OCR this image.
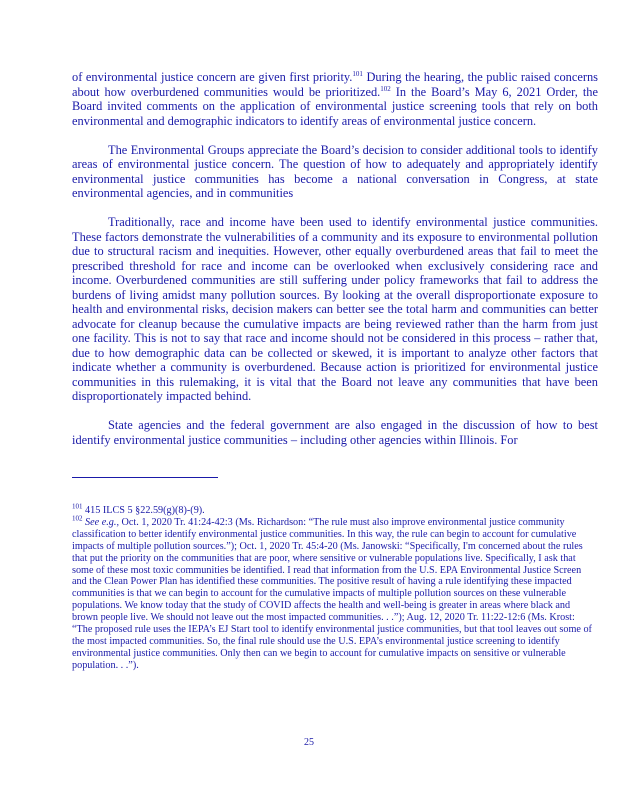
of environmental justice concern are given first priority.$^{101}$ During the hearing, the public raised concerns about how overburdened communities would be prioritized.$^{102}$ In the Board’s May 6, 2021 Order, the Board invited comments on the application of environmental justice screening tools that rely on both environmental and demographic indicators to identify areas of environmental justice concern.

The Environmental Groups appreciate the Board’s decision to consider additional tools to identify areas of environmental justice concern. The question of how to adequately and appropriately identify environmental justice communities has become a national conversation in Congress, at state environmental agencies, and in communities

Traditionally, race and income have been used to identify environmental justice communities. These factors demonstrate the vulnerabilities of a community and its exposure to environmental pollution due to structural racism and inequities. However, other equally overburdened areas that fail to meet the prescribed threshold for race and income can be overlooked when exclusively considering race and income. Overburdened communities are still suffering under policy frameworks that fail to address the burdens of living amidst many pollution sources. By looking at the overall disproportionate exposure to health and environmental risks, decision makers can better see the total harm and communities can better advocate for cleanup because the cumulative impacts are being reviewed rather than the harm from just one facility. This is not to say that race and income should not be considered in this process – rather that, due to how demographic data can be collected or skewed, it is important to analyze other factors that indicate whether a community is overburdened. Because action is prioritized for environmental justice communities in this rulemaking, it is vital that the Board not leave any communities that have been disproportionately impacted behind.

State agencies and the federal government are also engaged in the discussion of how to best identify environmental justice communities – including other agencies within Illinois. For

$^{101}$ 415 ILCS 5 §22.59(g)(8)-(9).

$^{102}$ See e.g., Oct. 1, 2020 Tr. 41:24-42:3 (Ms. Richardson: “The rule must also improve environmental justice community classification to better identify environmental justice communities. In this way, the rule can begin to account for cumulative impacts of multiple pollution sources.”); Oct. 1, 2020 Tr. 45:4-20 (Ms. Janowski: “Specifically, I'm concerned about the rules that put the priority on the communities that are poor, where sensitive or vulnerable populations live. Specifically, I ask that some of these most toxic communities be identified. I read that information from the U.S. EPA Environmental Justice Screen and the Clean Power Plan has identified these communities. The positive result of having a rule identifying these impacted communities is that we can begin to account for the cumulative impacts of multiple pollution sources on these vulnerable populations. We know today that the study of COVID affects the health and well-being is greater in areas where black and brown people live. We should not leave out the most impacted communities. . .”); Aug. 12, 2020 Tr. 11:22-12:6 (Ms. Krost: “The proposed rule uses the IEPA’s EJ Start tool to identify environmental justice communities, but that tool leaves out some of the most impacted communities. So, the final rule should use the U.S. EPA’s environmental justice screening to identify environmental justice communities. Only then can we begin to account for cumulative impacts on sensitive or vulnerable population. . .”).

25
